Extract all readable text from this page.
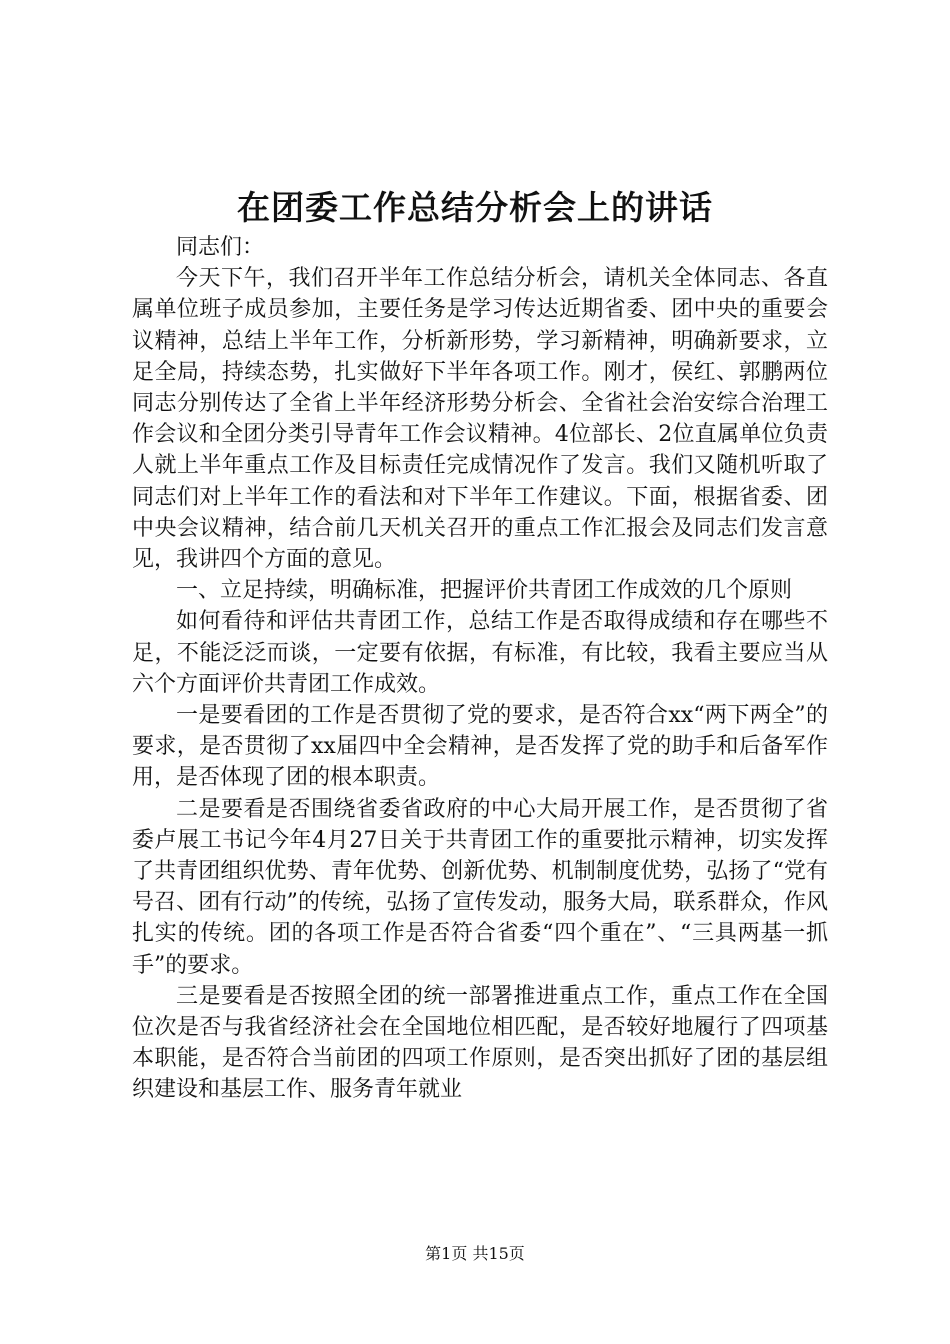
在团委工作总结分析会上的讲话

同志们：

今天下午，我们召开半年工作总结分析会，请机关全体同志、各直属单位班子成员参加，主要任务是学习传达近期省委、团中央的重要会议精神，总结上半年工作，分析新形势，学习新精神，明确新要求，立足全局，持续态势，扎实做好下半年各项工作。刚才，侯红、郭鹏两位同志分别传达了全省上半年经济形势分析会、全省社会治安综合治理工作会议和全团分类引导青年工作会议精神。4位部长、2位直属单位负责人就上半年重点工作及目标责任完成情况作了发言。我们又随机听取了同志们对上半年工作的看法和对下半年工作建议。下面，根据省委、团中央会议精神，结合前几天机关召开的重点工作汇报会及同志们发言意见，我讲四个方面的意见。

一、立足持续，明确标准，把握评价共青团工作成效的几个原则

如何看待和评估共青团工作，总结工作是否取得成绩和存在哪些不足，不能泛泛而谈，一定要有依据，有标准，有比较，我看主要应当从六个方面评价共青团工作成效。

一是要看团的工作是否贯彻了党的要求，是否符合xx“两下两全”的要求，是否贯彻了xx届四中全会精神，是否发挥了党的助手和后备军作用，是否体现了团的根本职责。

二是要看是否围绕省委省政府的中心大局开展工作，是否贯彻了省委卢展工书记今年4月27日关于共青团工作的重要批示精神，切实发挥了共青团组织优势、青年优势、创新优势、机制制度优势，弘扬了“党有号召、团有行动”的传统，弘扬了宣传发动，服务大局，联系群众，作风扎实的传统。团的各项工作是否符合省委“四个重在”、“三具两基一抓手”的要求。

三是要看是否按照全团的统一部署推进重点工作，重点工作在全国位次是否与我省经济社会在全国地位相匹配，是否较好地履行了四项基本职能，是否符合当前团的四项工作原则，是否突出抓好了团的基层组织建设和基层工作、服务青年就业

第1页 共15页
